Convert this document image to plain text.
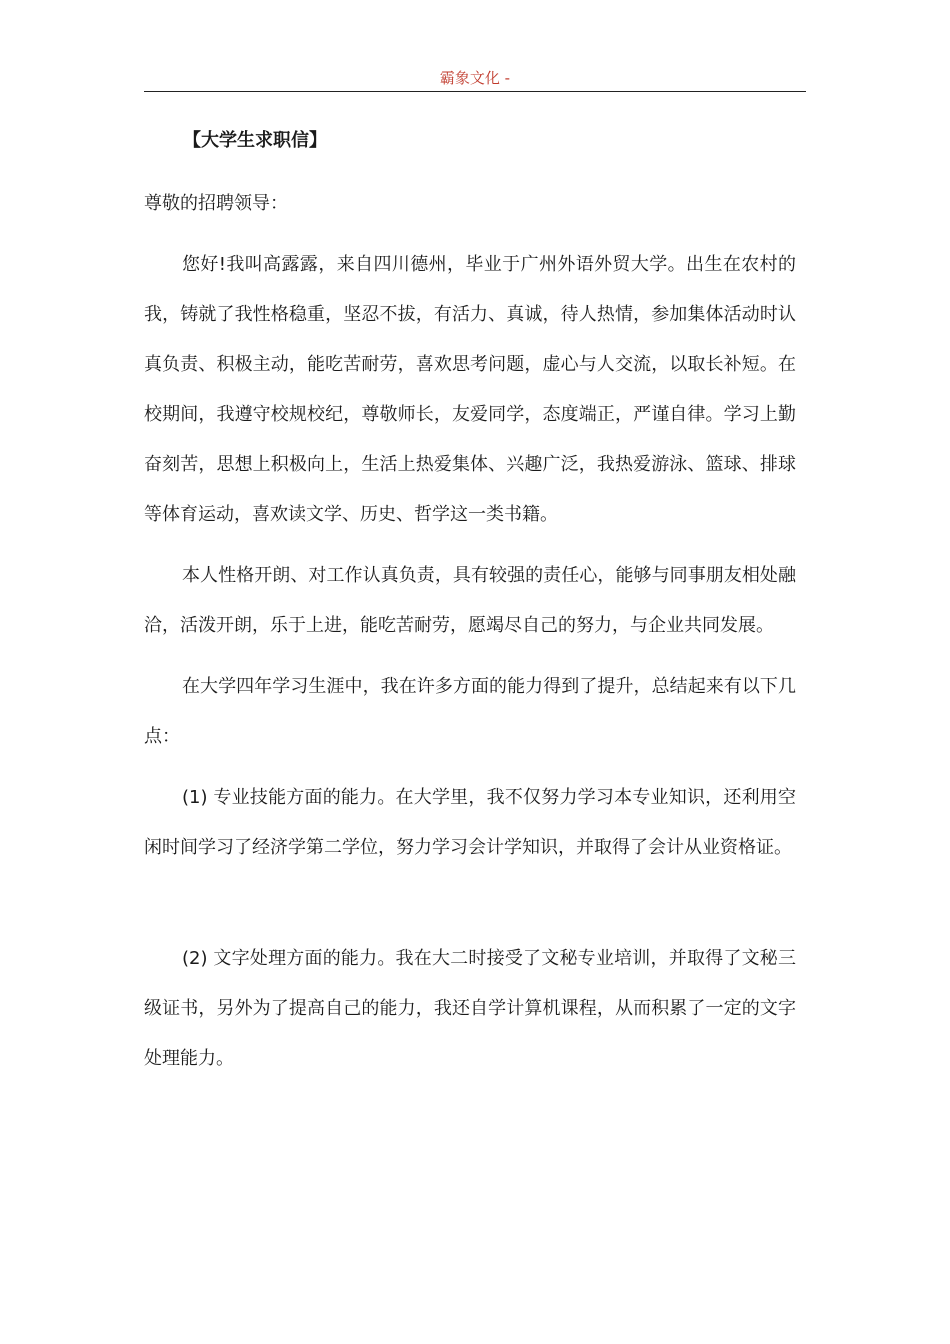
霸象文化 -
【大学生求职信】
尊敬的招聘领导：

您好!我叫高露露，来自四川德州，毕业于广州外语外贸大学。出生在农村的我，铸就了我性格稳重，坚忍不拔，有活力、真诚，待人热情，参加集体活动时认真负责、积极主动，能吃苦耐劳，喜欢思考问题，虚心与人交流，以取长补短。在校期间，我遵守校规校纪，尊敬师长，友爱同学，态度端正，严谨自律。学习上勤奋刻苦，思想上积极向上，生活上热爱集体、兴趣广泛，我热爱游泳、篮球、排球等体育运动，喜欢读文学、历史、哲学这一类书籍。

本人性格开朗、对工作认真负责，具有较强的责任心，能够与同事朋友相处融洽，活泼开朗，乐于上进，能吃苦耐劳，愿竭尽自己的努力，与企业共同发展。

在大学四年学习生涯中，我在许多方面的能力得到了提升，总结起来有以下几点：

(1) 专业技能方面的能力。在大学里，我不仅努力学习本专业知识，还利用空闲时间学习了经济学第二学位，努力学习会计学知识，并取得了会计从业资格证。

(2) 文字处理方面的能力。我在大二时接受了文秘专业培训，并取得了文秘三级证书，另外为了提高自己的能力，我还自学计算机课程，从而积累了一定的文字处理能力。
